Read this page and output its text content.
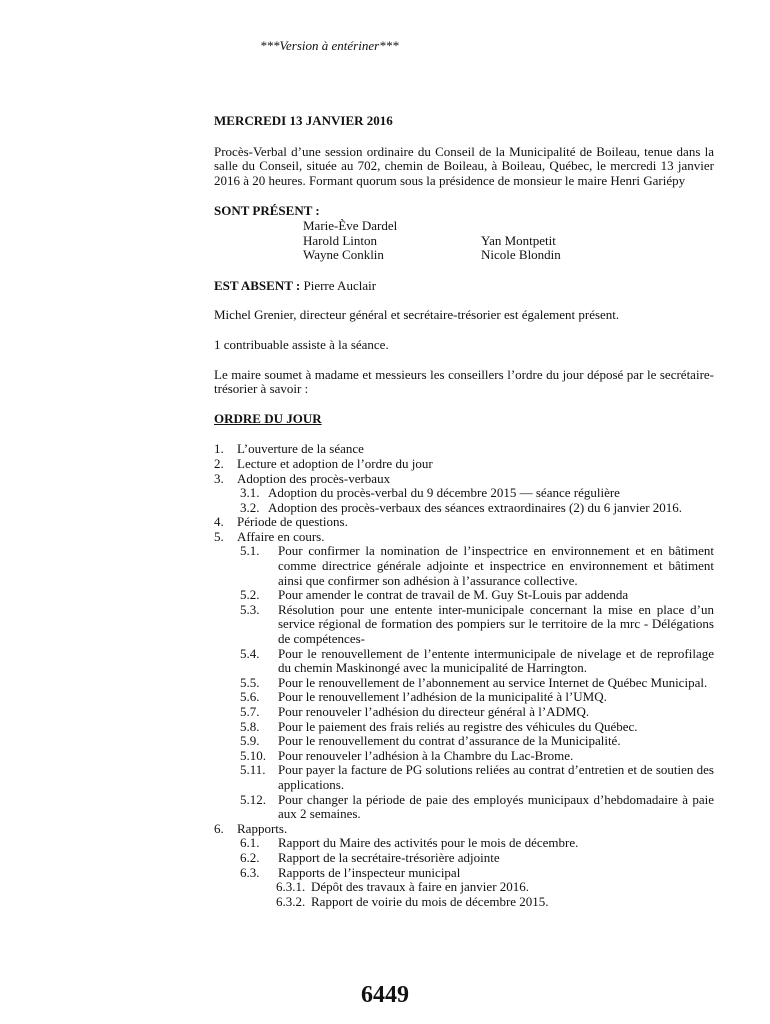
***Version à entériner***

MERCREDI 13 JANVIER 2016

Procès-Verbal d’une session ordinaire du Conseil de la Municipalité de Boileau, tenue dans la salle du Conseil, située au 702, chemin de Boileau, à Boileau, Québec, le mercredi 13 janvier 2016 à 20 heures. Formant quorum sous la présidence de monsieur le maire Henri Gariépy

SONT PRÉSENT :

Marie-Ève Dardel
Harold Linton	Yan Montpetit
Wayne Conklin	Nicole Blondin

EST ABSENT : Pierre Auclair

Michel Grenier, directeur général et secrétaire-trésorier est également présent.

1 contribuable assiste à la séance.

Le maire soumet à madame et messieurs les conseillers l’ordre du jour déposé par le secrétaire-trésorier à savoir :

ORDRE DU JOUR

1.	L’ouverture de la séance
2.	Lecture et adoption de l’ordre du jour
3.	Adoption des procès-verbaux
3.1. Adoption du procès-verbal du 9 décembre 2015 — séance régulière
3.2. Adoption des procès-verbaux des séances extraordinaires (2) du 6 janvier 2016.
4.	Période de questions.
5.	Affaire en cours.
5.1.	Pour confirmer la nomination de l’inspectrice en environnement et en bâtiment comme directrice générale adjointe et inspectrice en environnement et bâtiment ainsi que confirmer son adhésion à l’assurance collective.
5.2.	Pour amender le contrat de travail de M. Guy St-Louis par addenda
5.3.	Résolution pour une entente inter-municipale concernant la mise en place d’un service régional de formation des pompiers sur le territoire de la mrc - Délégations de compétences-
5.4.	Pour le renouvellement de l’entente intermunicipale de nivelage et de reprofilage du chemin Maskinongé avec la municipalité de Harrington.
5.5.	Pour le renouvellement de l’abonnement au service Internet de Québec Municipal.
5.6.	Pour le renouvellement l’adhésion de la municipalité à l’UMQ.
5.7.	Pour renouveler l’adhésion du directeur général à l’ADMQ.
5.8.	Pour le paiement des frais reliés au registre des véhicules du Québec.
5.9.	Pour le renouvellement du contrat d’assurance de la Municipalité.
5.10. Pour renouveler l’adhésion à la Chambre du Lac-Brome.
5.11. Pour payer la facture de PG solutions reliées au contrat d’entretien et de soutien des applications.
5.12. Pour changer la période de paie des employés municipaux d’hebdomadaire à paie aux 2 semaines.
6.	Rapports.
6.1.	Rapport du Maire des activités pour le mois de décembre.
6.2.	Rapport de la secrétaire-trésorière adjointe
6.3.	Rapports de l’inspecteur municipal
6.3.1. Dépôt des travaux à faire en janvier 2016.
6.3.2. Rapport de voirie du mois de décembre 2015.
6449
